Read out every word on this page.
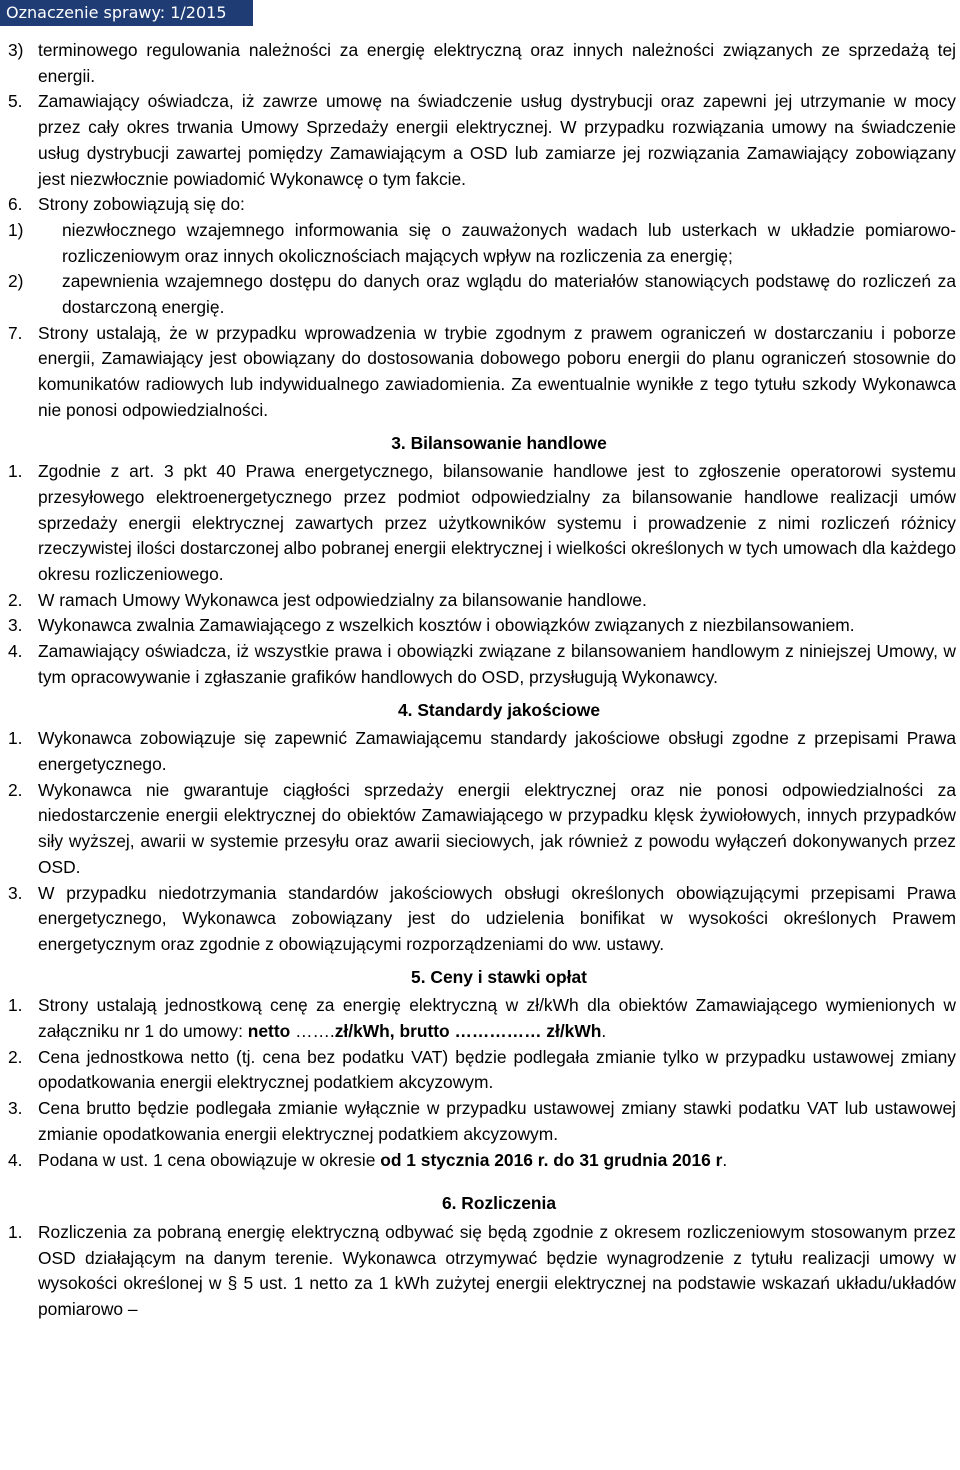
Oznaczenie sprawy: 1/2015
3) terminowego regulowania należności za energię elektryczną oraz innych należności związanych ze sprzedażą tej energii.
5. Zamawiający oświadcza, iż zawrze umowę na świadczenie usług dystrybucji oraz zapewni jej utrzymanie w mocy przez cały okres trwania Umowy Sprzedaży energii elektrycznej. W przypadku rozwiązania umowy na świadczenie usług dystrybucji zawartej pomiędzy Zamawiającym a OSD lub zamiarze jej rozwiązania Zamawiający zobowiązany jest niezwłocznie powiadomić Wykonawcę o tym fakcie.
6. Strony zobowiązują się do:
1)	niezwłocznego wzajemnego informowania się o zauważonych wadach lub usterkach w układzie pomiarowo-rozliczeniowym oraz innych okolicznościach mających wpływ na rozliczenia za energię;
2)	zapewnienia wzajemnego dostępu do danych oraz wglądu do materiałów stanowiących podstawę do rozliczeń za dostarczoną energię.
7. Strony ustalają, że w przypadku wprowadzenia w trybie zgodnym z prawem ograniczeń w dostarczaniu i poborze energii, Zamawiający jest obowiązany do dostosowania dobowego poboru energii do planu ograniczeń stosownie do komunikatów radiowych lub indywidualnego zawiadomienia. Za ewentualnie wynikłe z tego tytułu szkody Wykonawca nie ponosi odpowiedzialności.
3. Bilansowanie handlowe
1. Zgodnie z art. 3 pkt 40 Prawa energetycznego, bilansowanie handlowe jest to zgłoszenie operatorowi systemu przesyłowego elektroenergetycznego przez podmiot odpowiedzialny za bilansowanie handlowe realizacji umów sprzedaży energii elektrycznej zawartych przez użytkowników systemu i prowadzenie z nimi rozliczeń różnicy rzeczywistej ilości dostarczonej albo pobranej energii elektrycznej i wielkości określonych w tych umowach dla każdego okresu rozliczeniowego.
2. W ramach Umowy Wykonawca jest odpowiedzialny za bilansowanie handlowe.
3. Wykonawca zwalnia Zamawiającego z wszelkich kosztów i obowiązków związanych z niezbilansowaniem.
4. Zamawiający oświadcza, iż wszystkie prawa i obowiązki związane z bilansowaniem handlowym z niniejszej Umowy, w tym opracowywanie i zgłaszanie grafików handlowych do OSD, przysługują Wykonawcy.
4. Standardy jakościowe
1. Wykonawca zobowiązuje się zapewnić Zamawiającemu standardy jakościowe obsługi zgodne z przepisami Prawa energetycznego.
2. Wykonawca nie gwarantuje ciągłości sprzedaży energii elektrycznej oraz nie ponosi odpowiedzialności za niedostarczenie energii elektrycznej do obiektów Zamawiającego w przypadku klęsk żywiołowych, innych przypadków siły wyższej, awarii w systemie przesyłu oraz awarii sieciowych, jak również z powodu wyłączeń dokonywanych przez OSD.
3. W przypadku niedotrzymania standardów jakościowych obsługi określonych obowiązującymi przepisami Prawa energetycznego, Wykonawca zobowiązany jest do udzielenia bonifikat w wysokości określonych Prawem energetycznym oraz zgodnie z obowiązującymi rozporządzeniami do ww. ustawy.
5. Ceny i stawki opłat
1. Strony ustalają jednostkową cenę za energię elektryczną w zł/kWh dla obiektów Zamawiającego wymienionych w załączniku nr 1 do umowy: netto …….zł/kWh, brutto …………… zł/kWh.
2. Cena jednostkowa netto (tj. cena bez podatku VAT) będzie podlegała zmianie tylko w przypadku ustawowej zmiany opodatkowania energii elektrycznej podatkiem akcyzowym.
3. Cena brutto będzie podlegała zmianie wyłącznie w przypadku ustawowej zmiany stawki podatku VAT lub ustawowej zmianie opodatkowania energii elektrycznej podatkiem akcyzowym.
4. Podana w ust. 1 cena obowiązuje w okresie od 1 stycznia 2016 r. do 31 grudnia 2016 r.
6. Rozliczenia
1. Rozliczenia za pobraną energię elektryczną odbywać się będą zgodnie z okresem rozliczeniowym stosowanym przez OSD działającym na danym terenie. Wykonawca otrzymywać będzie wynagrodzenie z tytułu realizacji umowy w wysokości określonej w § 5 ust. 1 netto za 1 kWh zużytej energii elektrycznej na podstawie wskazań układu/układów pomiarowo –
